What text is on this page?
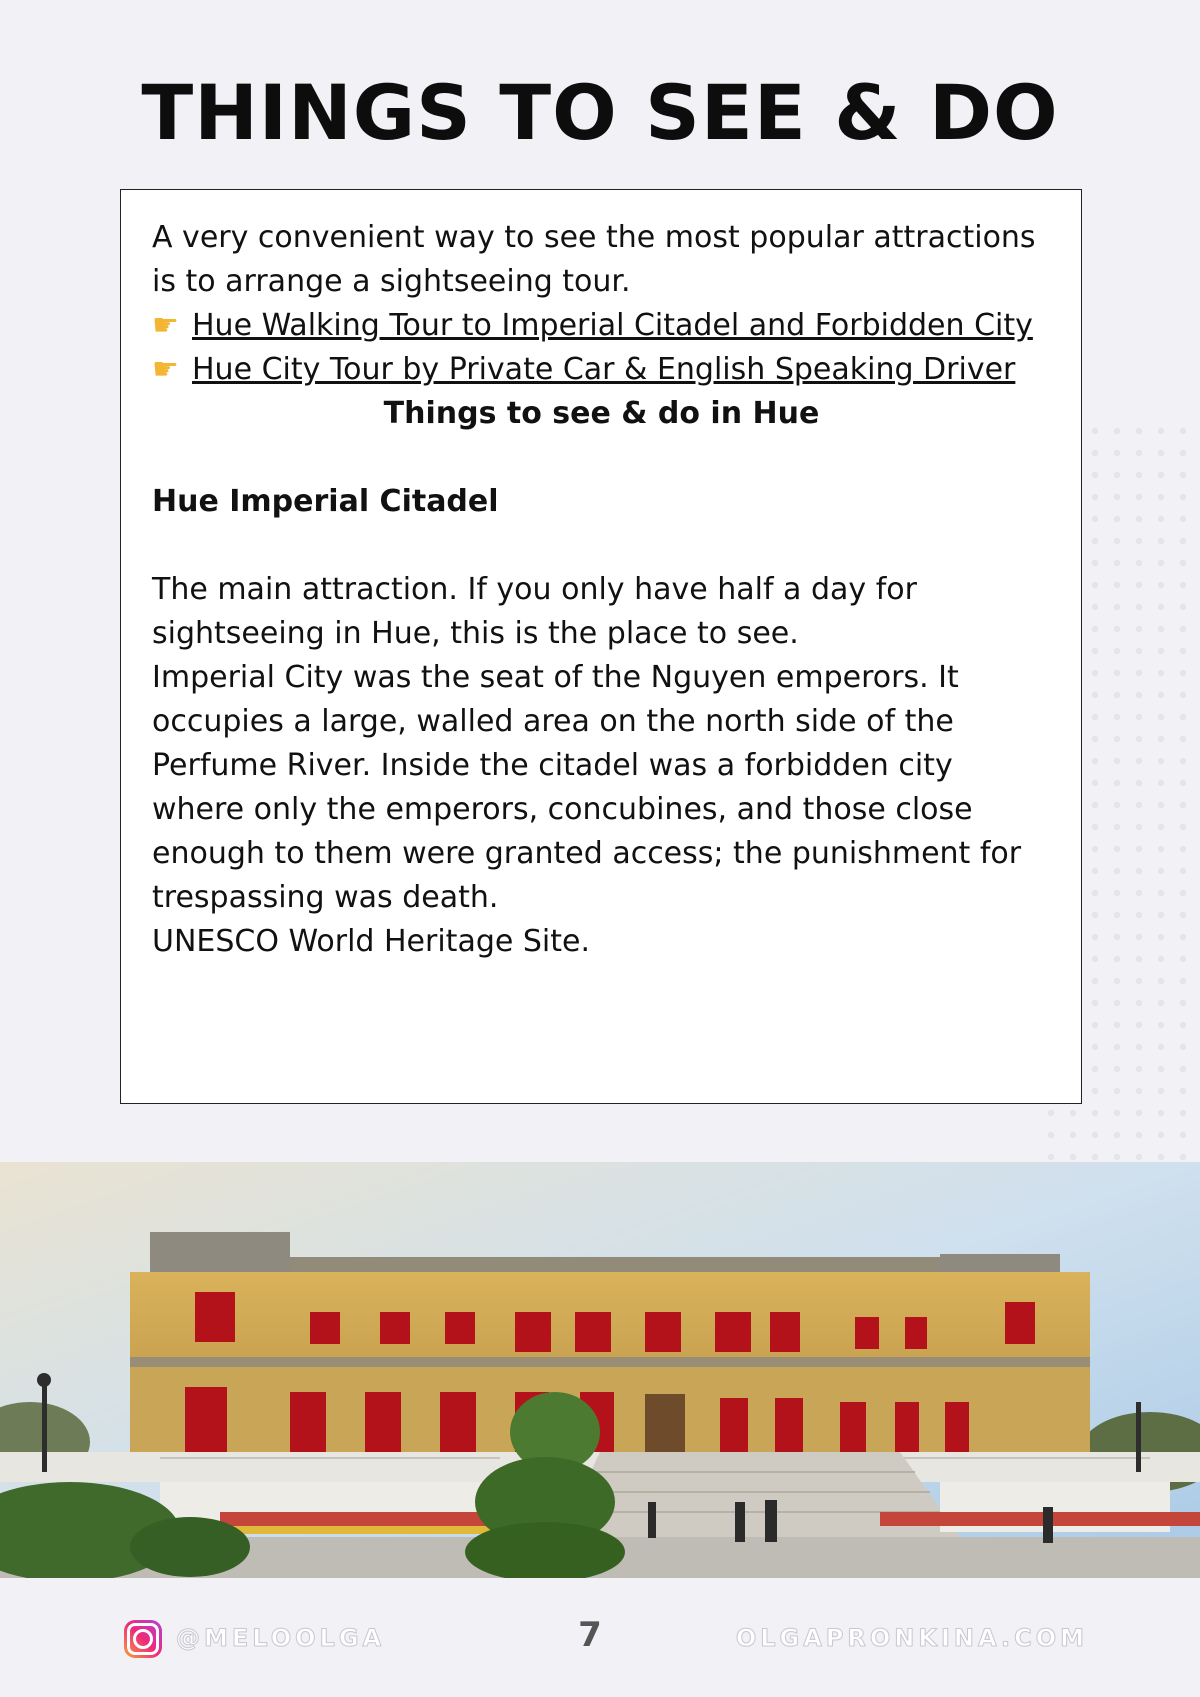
THINGS TO SEE & DO

A very convenient way to see the most popular attractions is to arrange a sightseeing tour.

☛ Hue Walking Tour to Imperial Citadel and Forbidden City

☛ Hue City Tour by Private Car & English Speaking Driver

Things to see & do in Hue

Hue Imperial Citadel

The main attraction. If you only have half a day for sightseeing in Hue, this is the place to see.

Imperial City was the seat of the Nguyen emperors. It occupies a large, walled area on the north side of the Perfume River. Inside the citadel was a forbidden city where only the emperors, concubines, and those close enough to them were granted access; the punishment for trespassing was death.

UNESCO World Heritage Site.

@MELOOLGA	7	OLGAPRONKINA.COM
